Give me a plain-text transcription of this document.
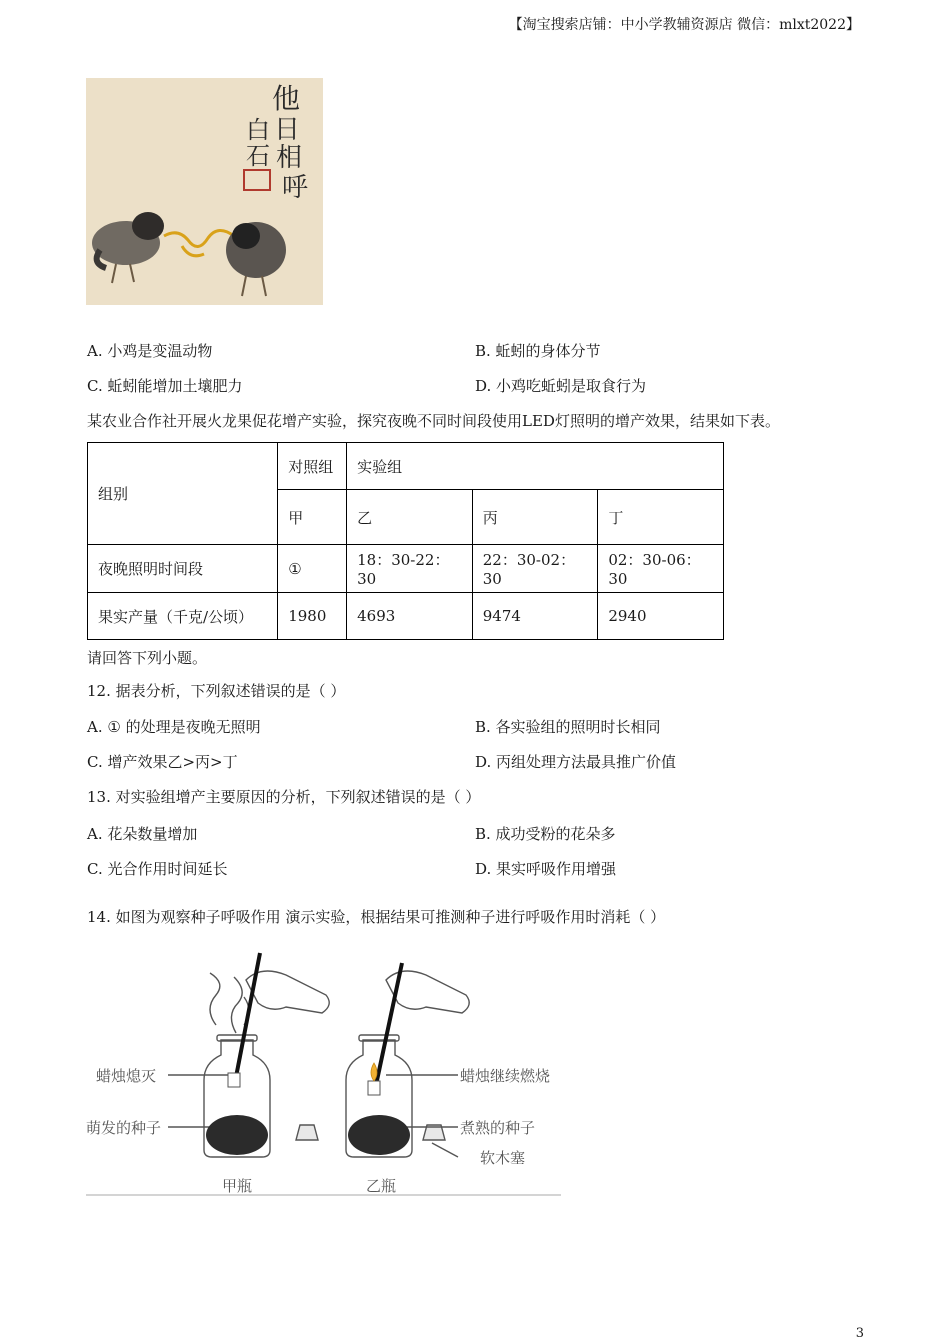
【淘宝搜索店铺：中小学教辅资源店 微信：mlxt2022】
他
日
相
呼
白
石
A. 小鸡是变温动物	B. 蚯蚓的身体分节
C. 蚯蚓能增加土壤肥力	D. 小鸡吃蚯蚓是取食行为
某农业合作社开展火龙果促花增产实验，探究夜晚不同时间段使用LED灯照明的增产效果，结果如下表。
组别	对照组	实验组		
	甲	乙	丙	丁
夜晚照明时间段	①	18：30-22：30	22：30-02：30	02：30-06：30
果实产量（千克/公顷）	1980	4693	9474	2940
请回答下列小题。
12. 据表分析，下列叙述错误的是（ ）
A. ① 的处理是夜晚无照明	B. 各实验组的照明时长相同
C. 增产效果乙>丙>丁	D. 丙组处理方法最具推广价值
13. 对实验组增产主要原因的分析，下列叙述错误的是（ ）
A. 花朵数量增加	B. 成功受粉的花朵多
C. 光合作用时间延长	D. 果实呼吸作用增强
14. 如图为观察种子呼吸作用 演示实验，根据结果可推测种子进行呼吸作用时消耗（ ）
蜡烛熄灭
萌发的种子
蜡烛继续燃烧
煮熟的种子
软木塞
甲瓶	乙瓶
3
